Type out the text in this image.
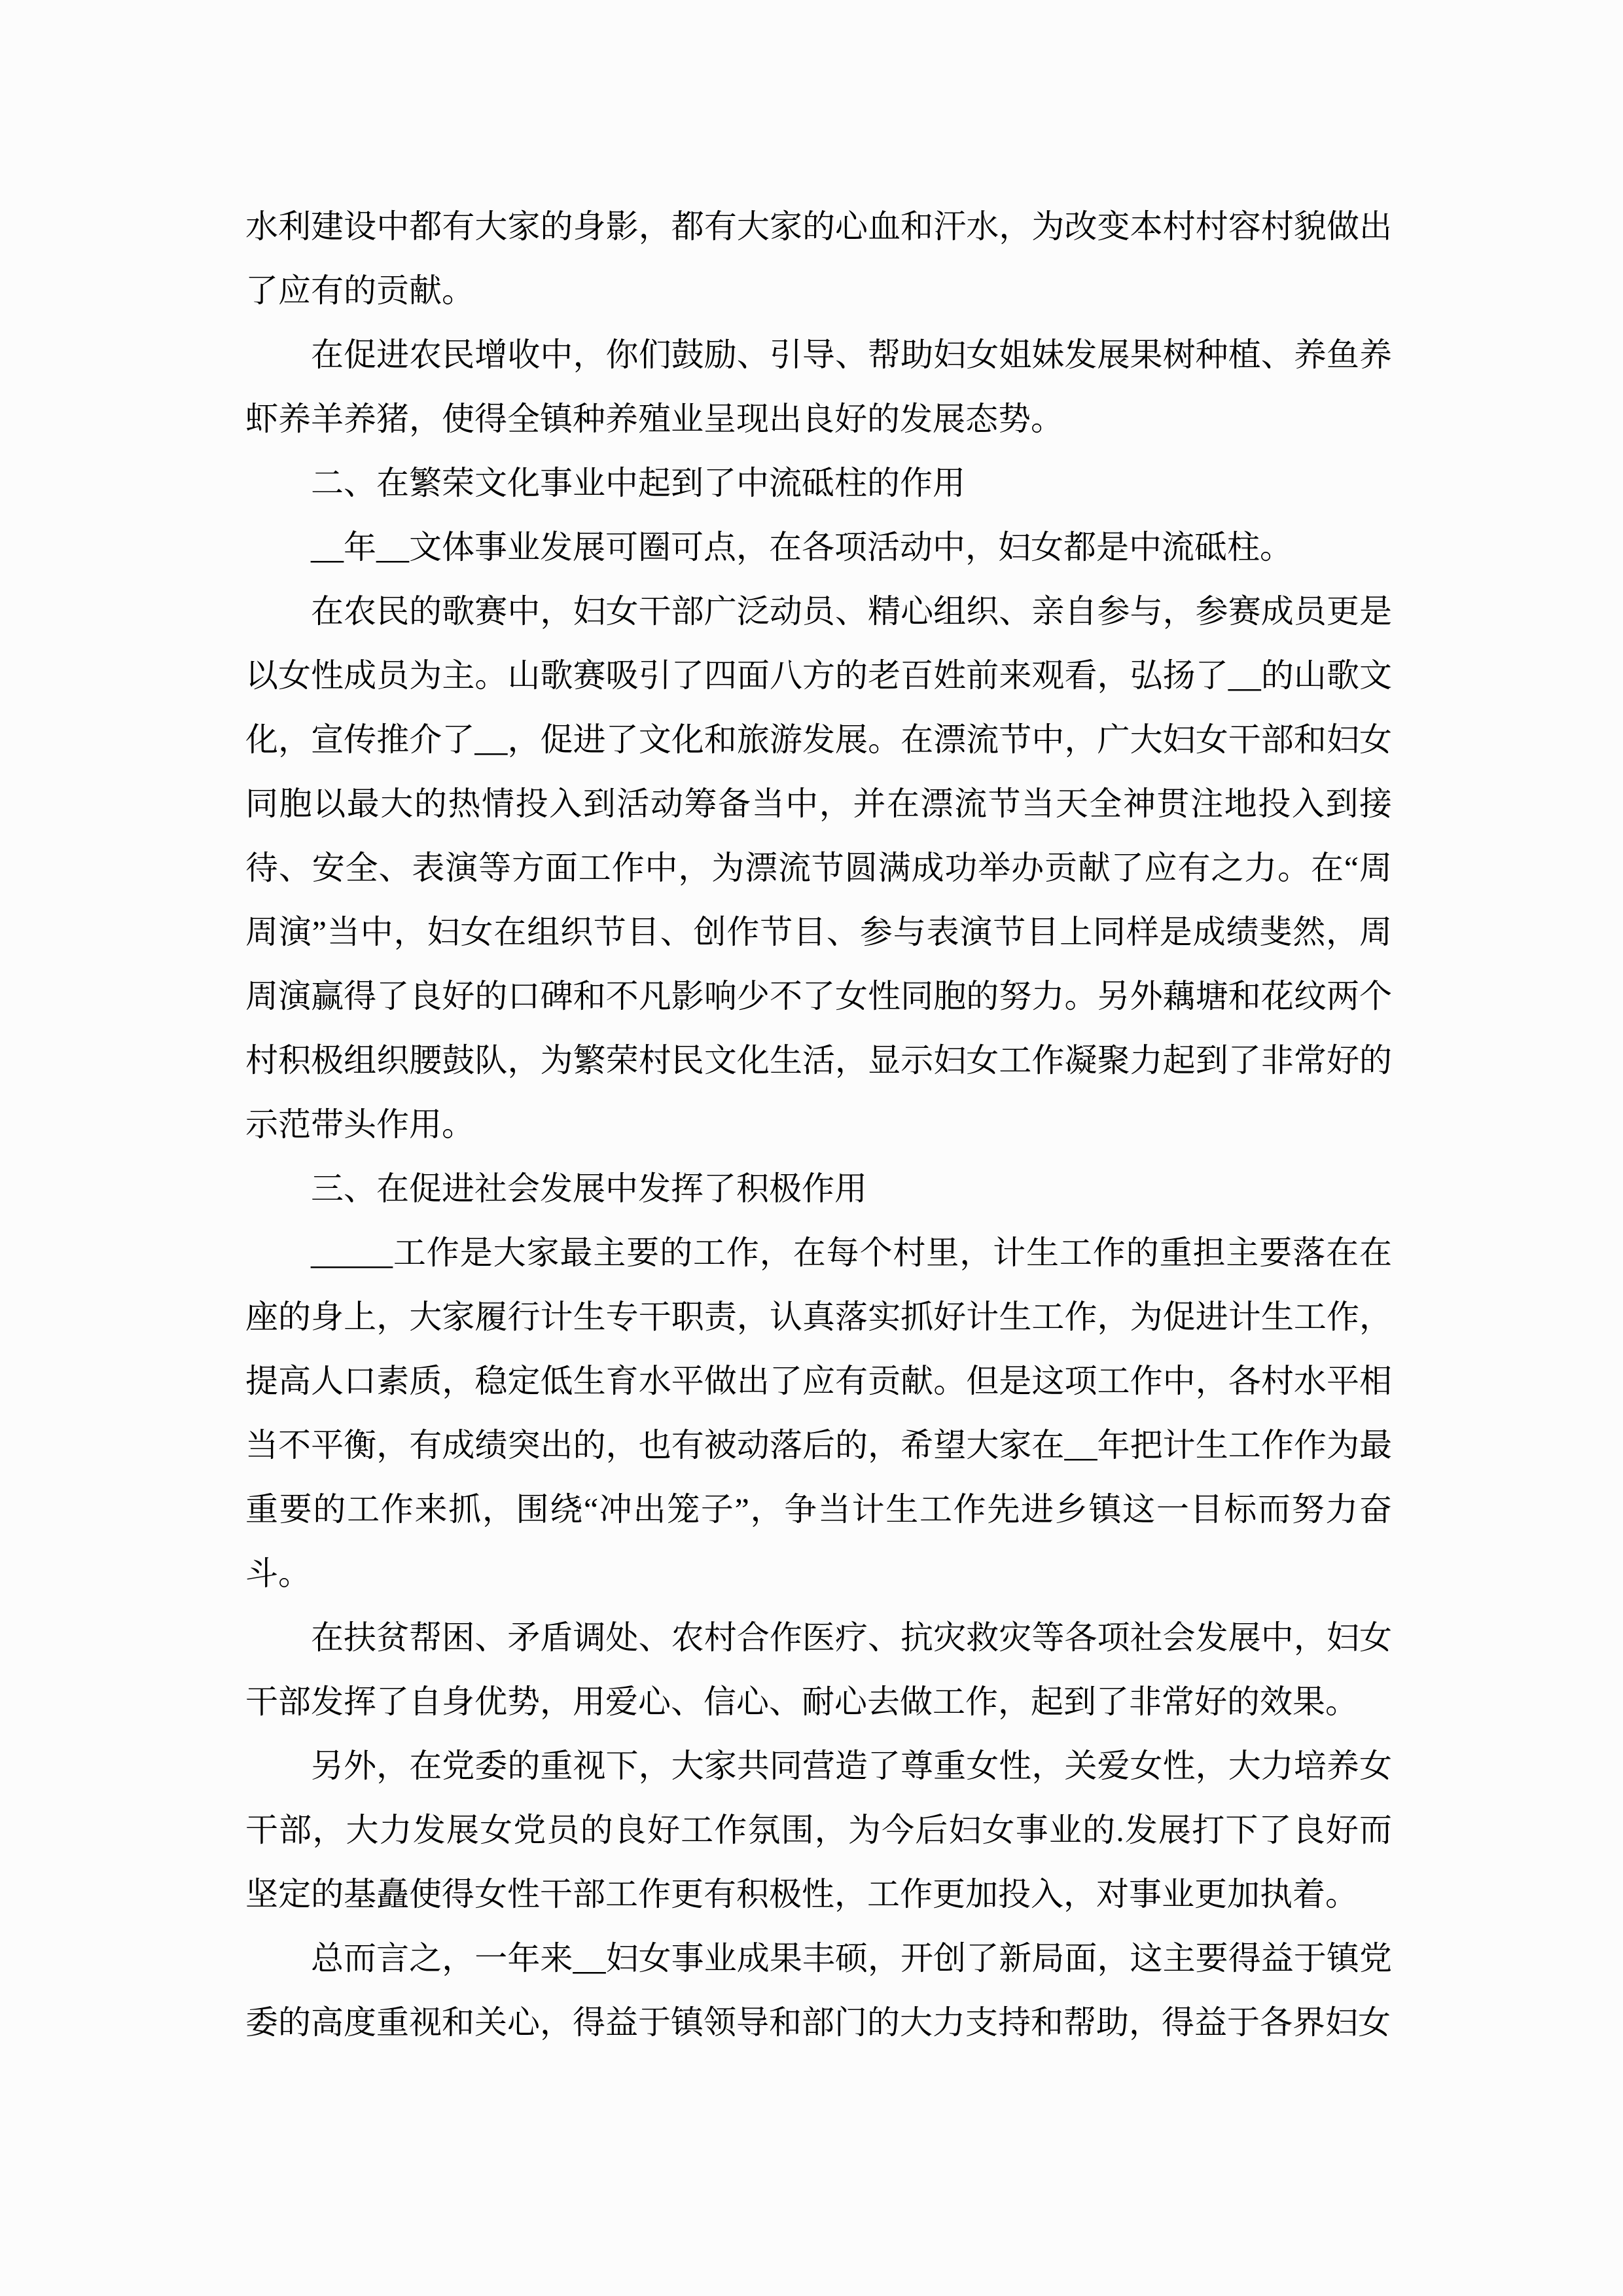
水利建设中都有大家的身影，都有大家的心血和汗水，为改变本村村容村貌做出了应有的贡献。

在促进农民增收中，你们鼓励、引导、帮助妇女姐妹发展果树种植、养鱼养虾养羊养猪，使得全镇种养殖业呈现出良好的发展态势。

二、在繁荣文化事业中起到了中流砥柱的作用

__年__文体事业发展可圈可点，在各项活动中，妇女都是中流砥柱。

在农民的歌赛中，妇女干部广泛动员、精心组织、亲自参与，参赛成员更是以女性成员为主。山歌赛吸引了四面八方的老百姓前来观看，弘扬了__的山歌文化，宣传推介了__，促进了文化和旅游发展。在漂流节中，广大妇女干部和妇女同胞以最大的热情投入到活动筹备当中，并在漂流节当天全神贯注地投入到接待、安全、表演等方面工作中，为漂流节圆满成功举办贡献了应有之力。在“周周演”当中，妇女在组织节目、创作节目、参与表演节目上同样是成绩斐然，周周演赢得了良好的口碑和不凡影响少不了女性同胞的努力。另外藕塘和花纹两个村积极组织腰鼓队，为繁荣村民文化生活，显示妇女工作凝聚力起到了非常好的示范带头作用。

三、在促进社会发展中发挥了积极作用

_____工作是大家最主要的工作，在每个村里，计生工作的重担主要落在在座的身上，大家履行计生专干职责，认真落实抓好计生工作，为促进计生工作，提高人口素质，稳定低生育水平做出了应有贡献。但是这项工作中，各村水平相当不平衡，有成绩突出的，也有被动落后的，希望大家在__年把计生工作作为最重要的工作来抓，围绕“冲出笼子”，争当计生工作先进乡镇这一目标而努力奋斗。

在扶贫帮困、矛盾调处、农村合作医疗、抗灾救灾等各项社会发展中，妇女干部发挥了自身优势，用爱心、信心、耐心去做工作，起到了非常好的效果。

另外，在党委的重视下，大家共同营造了尊重女性，关爱女性，大力培养女干部，大力发展女党员的良好工作氛围，为今后妇女事业的.发展打下了良好而坚定的基矗使得女性干部工作更有积极性，工作更加投入，对事业更加执着。

总而言之，一年来__妇女事业成果丰硕，开创了新局面，这主要得益于镇党委的高度重视和关心，得益于镇领导和部门的大力支持和帮助，得益于各界妇女
